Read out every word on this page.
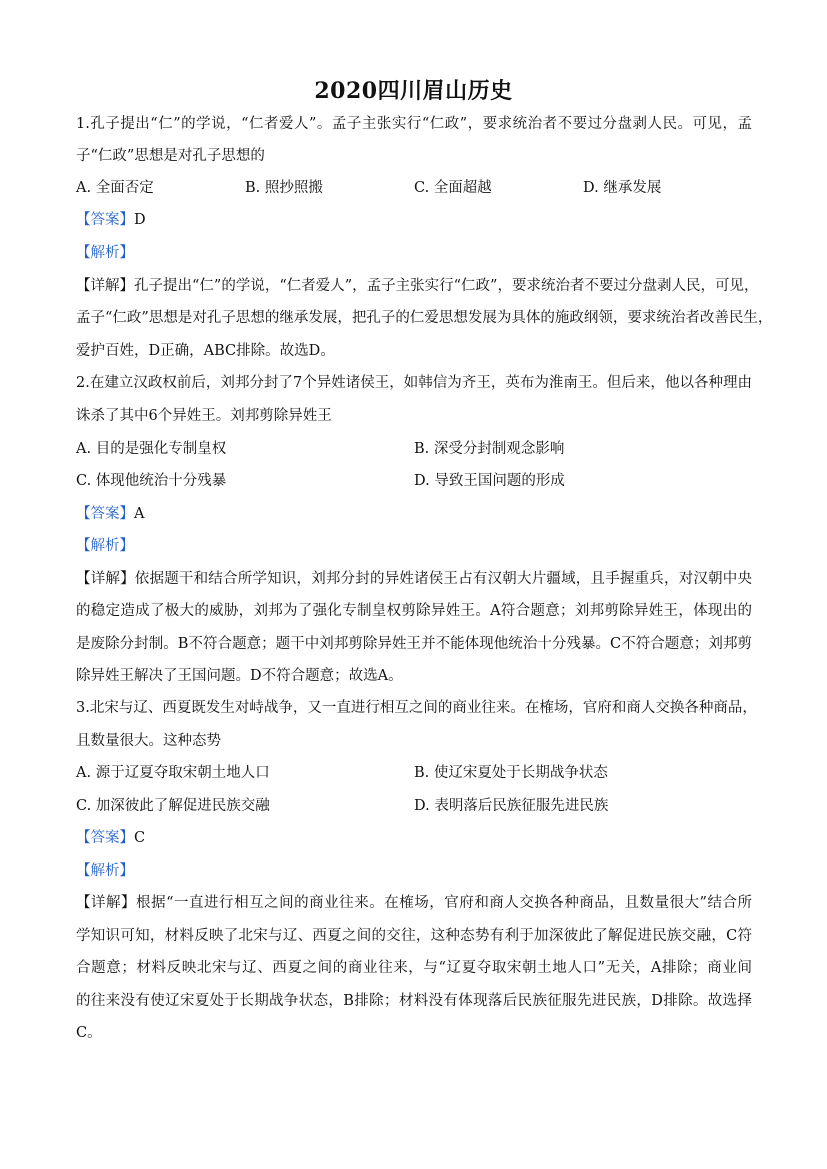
2020四川眉山历史
1.孔子提出“仁”的学说，“仁者爱人”。孟子主张实行“仁政”，要求统治者不要过分盘剥人民。可见，孟
子“仁政”思想是对孔子思想的
A. 全面否定	B. 照抄照搬	C. 全面超越	D. 继承发展
【答案】D
【解析】
【详解】孔子提出“仁”的学说，“仁者爱人”，孟子主张实行“仁政”，要求统治者不要过分盘剥人民，可见，
孟子“仁政”思想是对孔子思想的继承发展，把孔子的仁爱思想发展为具体的施政纲领，要求统治者改善民生，
爱护百姓，D正确，ABC排除。故选D。
2.在建立汉政权前后，刘邦分封了7个异姓诸侯王，如韩信为齐王，英布为淮南王。但后来，他以各种理由
诛杀了其中6个异姓王。刘邦剪除异姓王
A. 目的是强化专制皇权	B. 深受分封制观念影响
C. 体现他统治十分残暴	D. 导致王国问题的形成
【答案】A
【解析】
【详解】依据题干和结合所学知识，刘邦分封的异姓诸侯王占有汉朝大片疆域，且手握重兵，对汉朝中央
的稳定造成了极大的威胁，刘邦为了强化专制皇权剪除异姓王。A符合题意；刘邦剪除异姓王，体现出的
是废除分封制。B不符合题意；题干中刘邦剪除异姓王并不能体现他统治十分残暴。C不符合题意；刘邦剪
除异姓王解决了王国问题。D不符合题意；故选A。
3.北宋与辽、西夏既发生对峙战争，又一直进行相互之间的商业往来。在榷场，官府和商人交换各种商品，
且数量很大。这种态势
A. 源于辽夏夺取宋朝土地人口	B. 使辽宋夏处于长期战争状态
C. 加深彼此了解促进民族交融	D. 表明落后民族征服先进民族
【答案】C
【解析】
【详解】根据“一直进行相互之间的商业往来。在榷场，官府和商人交换各种商品，且数量很大”结合所
学知识可知，材料反映了北宋与辽、西夏之间的交往，这种态势有利于加深彼此了解促进民族交融，C符
合题意；材料反映北宋与辽、西夏之间的商业往来，与“辽夏夺取宋朝土地人口”无关，A排除；商业间
的往来没有使辽宋夏处于长期战争状态，B排除；材料没有体现落后民族征服先进民族，D排除。故选择
C。
